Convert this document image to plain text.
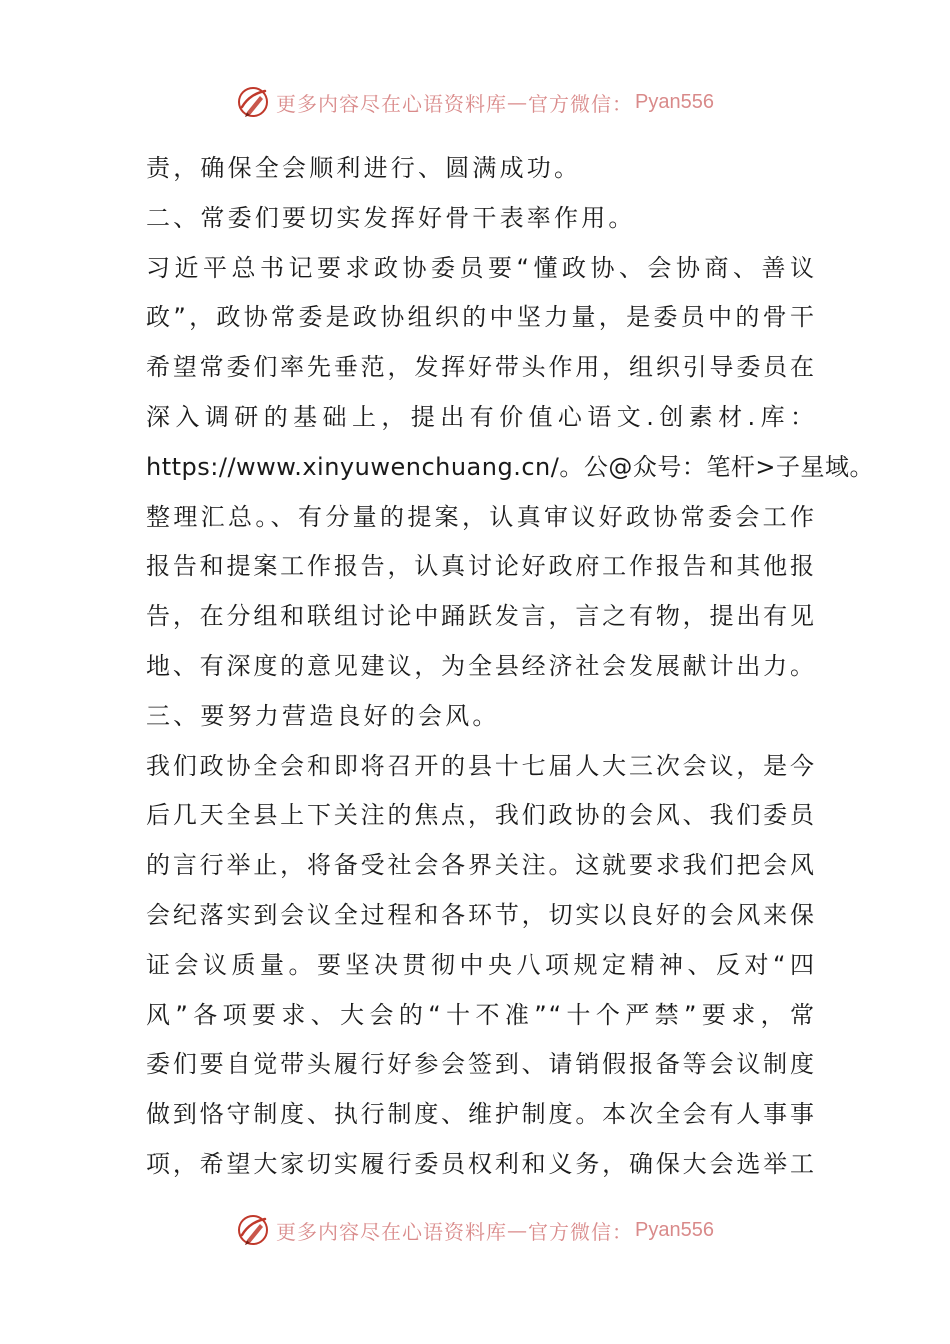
更多内容尽在心语资料库 — 官方微信： Pyan556
责，确保全会顺利进行、圆满成功。
二、常委们要切实发挥好骨干表率作用。
习近平总书记要求政协委员要“懂政协、会协商、善议
政”，政协常委是政协组织的中坚力量，是委员中的骨干
希望常委们率先垂范，发挥好带头作用，组织引导委员在
深入调研的基础上，提出有价值心语文.创素材.库：
https://www.xinyuwenchuang.cn/。公@众号：笔杆>子星域。
整理汇总。、有分量的提案，认真审议好政协常委会工作
报告和提案工作报告，认真讨论好政府工作报告和其他报
告，在分组和联组讨论中踊跃发言，言之有物，提出有见
地、有深度的意见建议，为全县经济社会发展献计出力。
三、要努力营造良好的会风。
我们政协全会和即将召开的县十七届人大三次会议，是今
后几天全县上下关注的焦点，我们政协的会风、我们委员
的言行举止，将备受社会各界关注。这就要求我们把会风
会纪落实到会议全过程和各环节，切实以良好的会风来保
证会议质量。要坚决贯彻中央八项规定精神、反对“四
风”各项要求、大会的“十不准”“十个严禁”要求，常
委们要自觉带头履行好参会签到、请销假报备等会议制度
做到恪守制度、执行制度、维护制度。本次全会有人事事
项，希望大家切实履行委员权利和义务，确保大会选举工
更多内容尽在心语资料库 — 官方微信： Pyan556
